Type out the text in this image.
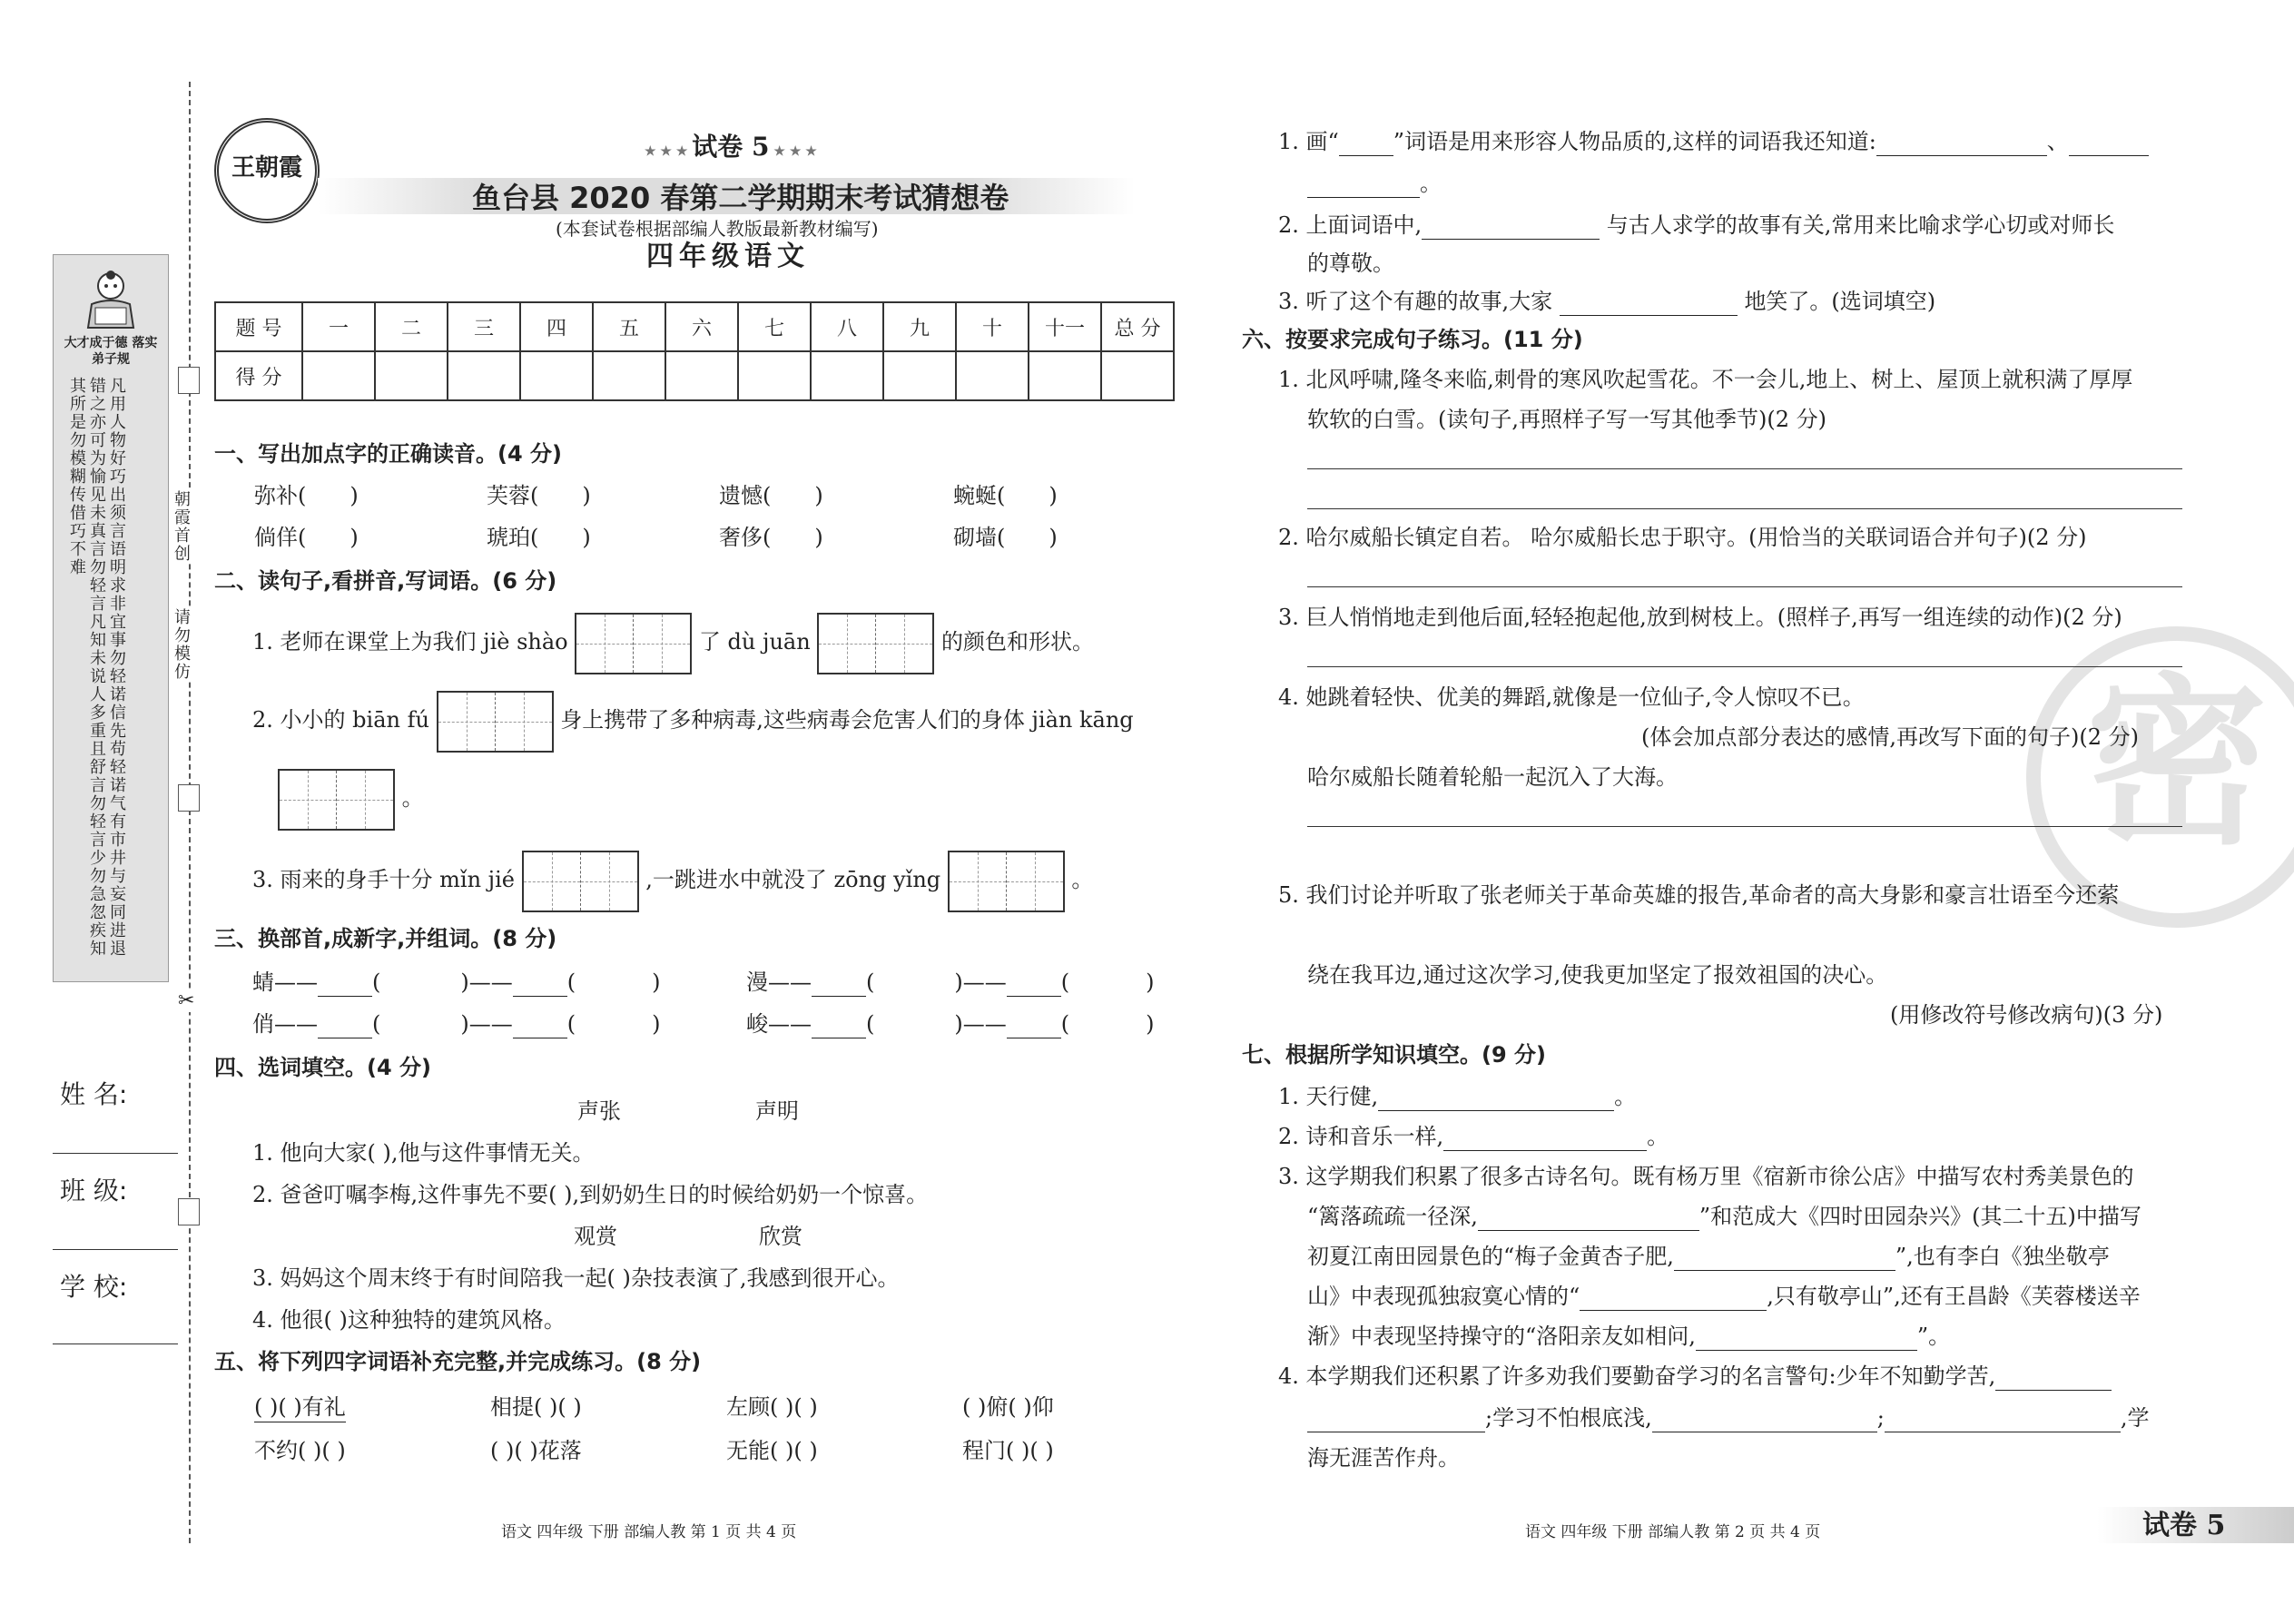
大才成于德 落实弟子规
凡用人物好巧出须言语明求非宜事勿轻诺信先苟轻诺气有市井与妄同进退错之亦可为愉见未真言勿轻言凡知未说人多重且舒言勿轻言少勿急忽疾知其所是勿模糊传借巧不难	朝霞首创
请勿模仿
✂
姓 名:
班 级:
学 校:
王朝霞
★ ★ ★ 试卷 5 ★ ★ ★
鱼台县 2020 春第二学期期末考试猜想卷
(本套试卷根据部编人教版最新教材编写)
四年级语文
题 号	一	二	三	四	五	六	七	八	九	十	十一	总 分
得 分												
一、写出加点字的正确读音。(4 分)
弥补( )	芙蓉( )	遗憾( )	蜿蜒( )
倘佯( )	琥珀( )	奢侈( )	砌墙( )
二、读句子,看拼音,写词语。(6 分)
1. 老师在课堂上为我们 jiè shào	了 dù juān	的颜色和形状。
2. 小小的 biān fú	身上携带了多种病毒,这些病毒会危害人们的身体 jiàn kāng
。
3. 雨来的身手十分 mǐn jié	,一跳进水中就没了 zōng yǐng	。
三、换部首,成新字,并组词。(8 分)
蜻——	(	)——	(	)	漫——	(	)——	(	)
俏——	(	)——	(	)	峻——	(	)——	(	)
四、选词填空。(4 分)
声张	声明
1. 他向大家( ),他与这件事情无关。
2. 爸爸叮嘱李梅,这件事先不要( ),到奶奶生日的时候给奶奶一个惊喜。
观赏	欣赏
3. 妈妈这个周末终于有时间陪我一起( )杂技表演了,我感到很开心。
4. 他很( )这种独特的建筑风格。
五、将下列四字词语补充完整,并完成练习。(8 分)
( )( )有礼	相提( )( )	左顾( )( )	( )俯( )仰
不约( )( )	( )( )花落	无能( )( )	程门( )( )
语文 四年级 下册 部编人教 第 1 页 共 4 页
密
1. 画“	”词语是用来形容人物品质的,这样的词语我还知道:	、
。
2. 上面词语中,	与古人求学的故事有关,常用来比喻求学心切或对师长
的尊敬。
3. 听了这个有趣的故事,大家	地笑了。(选词填空)
六、按要求完成句子练习。(11 分)
1. 北风呼啸,隆冬来临,刺骨的寒风吹起雪花。不一会儿,地上、树上、屋顶上就积满了厚厚
软软的白雪。(读句子,再照样子写一写其他季节)(2 分)
2. 哈尔威船长镇定自若。 哈尔威船长忠于职守。(用恰当的关联词语合并句子)(2 分)
3. 巨人悄悄地走到他后面,轻轻抱起他,放到树枝上。(照样子,再写一组连续的动作)(2 分)
4. 她跳着轻快、优美的舞蹈,就像是一位仙子,令人惊叹不已。
(体会加点部分表达的感情,再改写下面的句子)(2 分)
哈尔威船长随着轮船一起沉入了大海。
5. 我们讨论并听取了张老师关于革命英雄的报告,革命者的高大身影和豪言壮语至今还萦
绕在我耳边,通过这次学习,使我更加坚定了报效祖国的决心。
(用修改符号修改病句)(3 分)
七、根据所学知识填空。(9 分)
1. 天行健,	。
2. 诗和音乐一样,	。
3. 这学期我们积累了很多古诗名句。既有杨万里《宿新市徐公店》中描写农村秀美景色的
“篱落疏疏一径深,	”和范成大《四时田园杂兴》(其二十五)中描写
初夏江南田园景色的“梅子金黄杏子肥,	”,也有李白《独坐敬亭
山》中表现孤独寂寞心情的“	,只有敬亭山”,还有王昌龄《芙蓉楼送辛
渐》中表现坚持操守的“洛阳亲友如相问,	”。
4. 本学期我们还积累了许多劝我们要勤奋学习的名言警句:少年不知勤学苦,
;学习不怕根底浅,	;	,学
海无涯苦作舟。
语文 四年级 下册 部编人教 第 2 页 共 4 页	试卷 5
